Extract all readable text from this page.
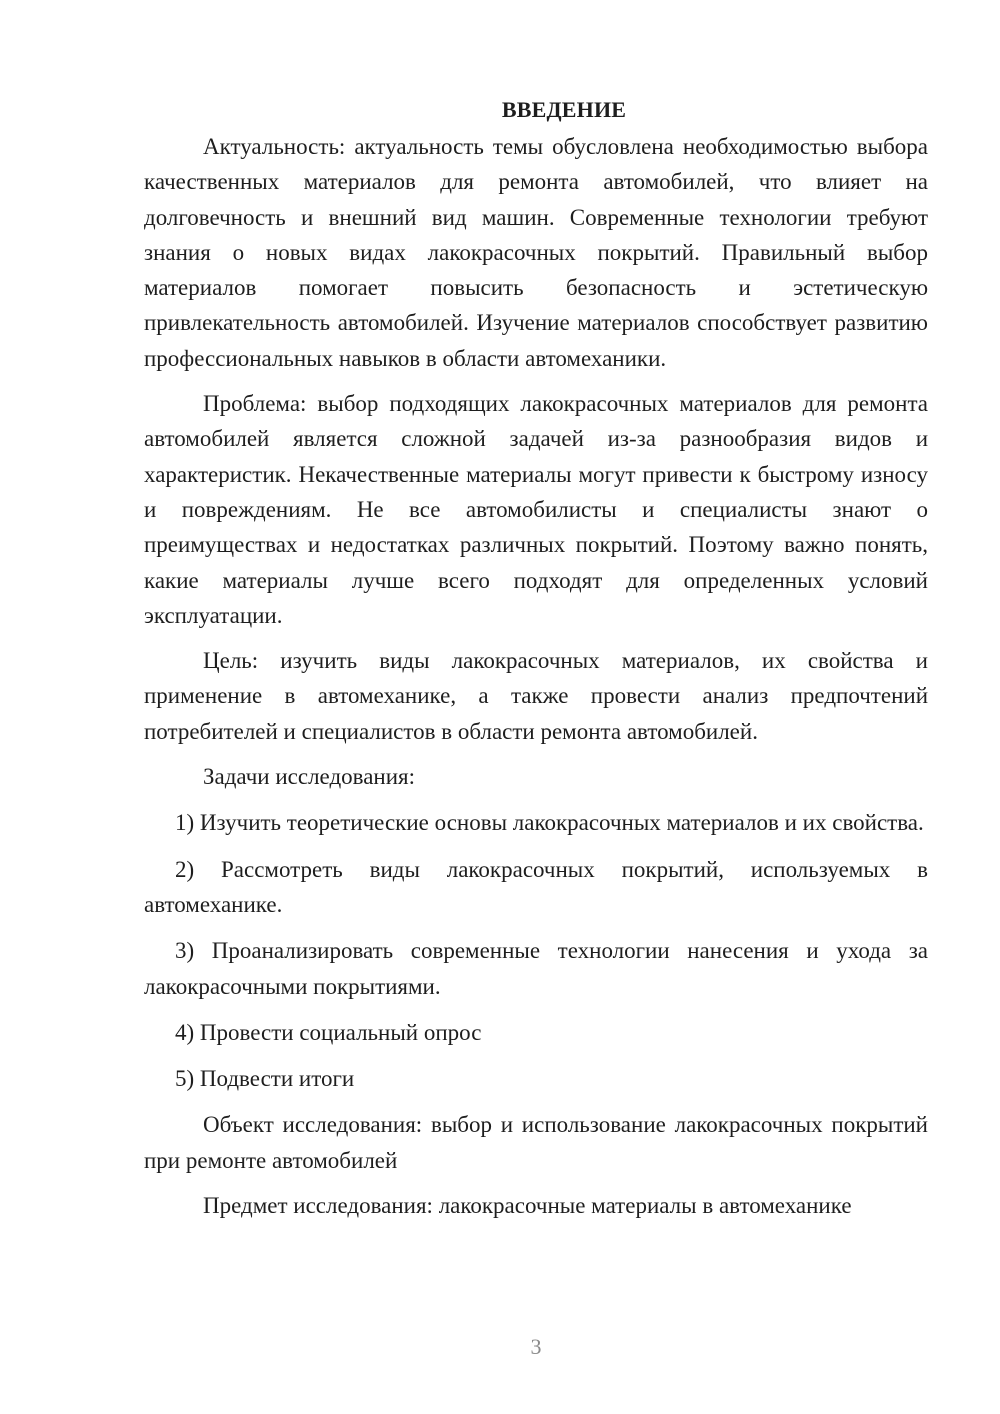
ВВЕДЕНИЕ

Актуальность: актуальность темы обусловлена необходимостью выбора качественных материалов для ремонта автомобилей, что влияет на долговечность и внешний вид машин. Современные технологии требуют знания о новых видах лакокрасочных покрытий. Правильный выбор материалов помогает повысить безопасность и эстетическую привлекательность автомобилей. Изучение материалов способствует развитию профессиональных навыков в области автомеханики.

Проблема: выбор подходящих лакокрасочных материалов для ремонта автомобилей является сложной задачей из-за разнообразия видов и характеристик. Некачественные материалы могут привести к быстрому износу и повреждениям. Не все автомобилисты и специалисты знают о преимуществах и недостатках различных покрытий. Поэтому важно понять, какие материалы лучше всего подходят для определенных условий эксплуатации.

Цель: изучить виды лакокрасочных материалов, их свойства и применение в автомеханике, а также провести анализ предпочтений потребителей и специалистов в области ремонта автомобилей.

Задачи исследования:

1) Изучить теоретические основы лакокрасочных материалов и их свойства.

2) Рассмотреть виды лакокрасочных покрытий, используемых в автомеханике.

3) Проанализировать современные технологии нанесения и ухода за лакокрасочными покрытиями.

4) Провести социальный опрос

5) Подвести итоги

Объект исследования: выбор и использование лакокрасочных покрытий при ремонте автомобилей

Предмет исследования: лакокрасочные материалы в автомеханике

3
